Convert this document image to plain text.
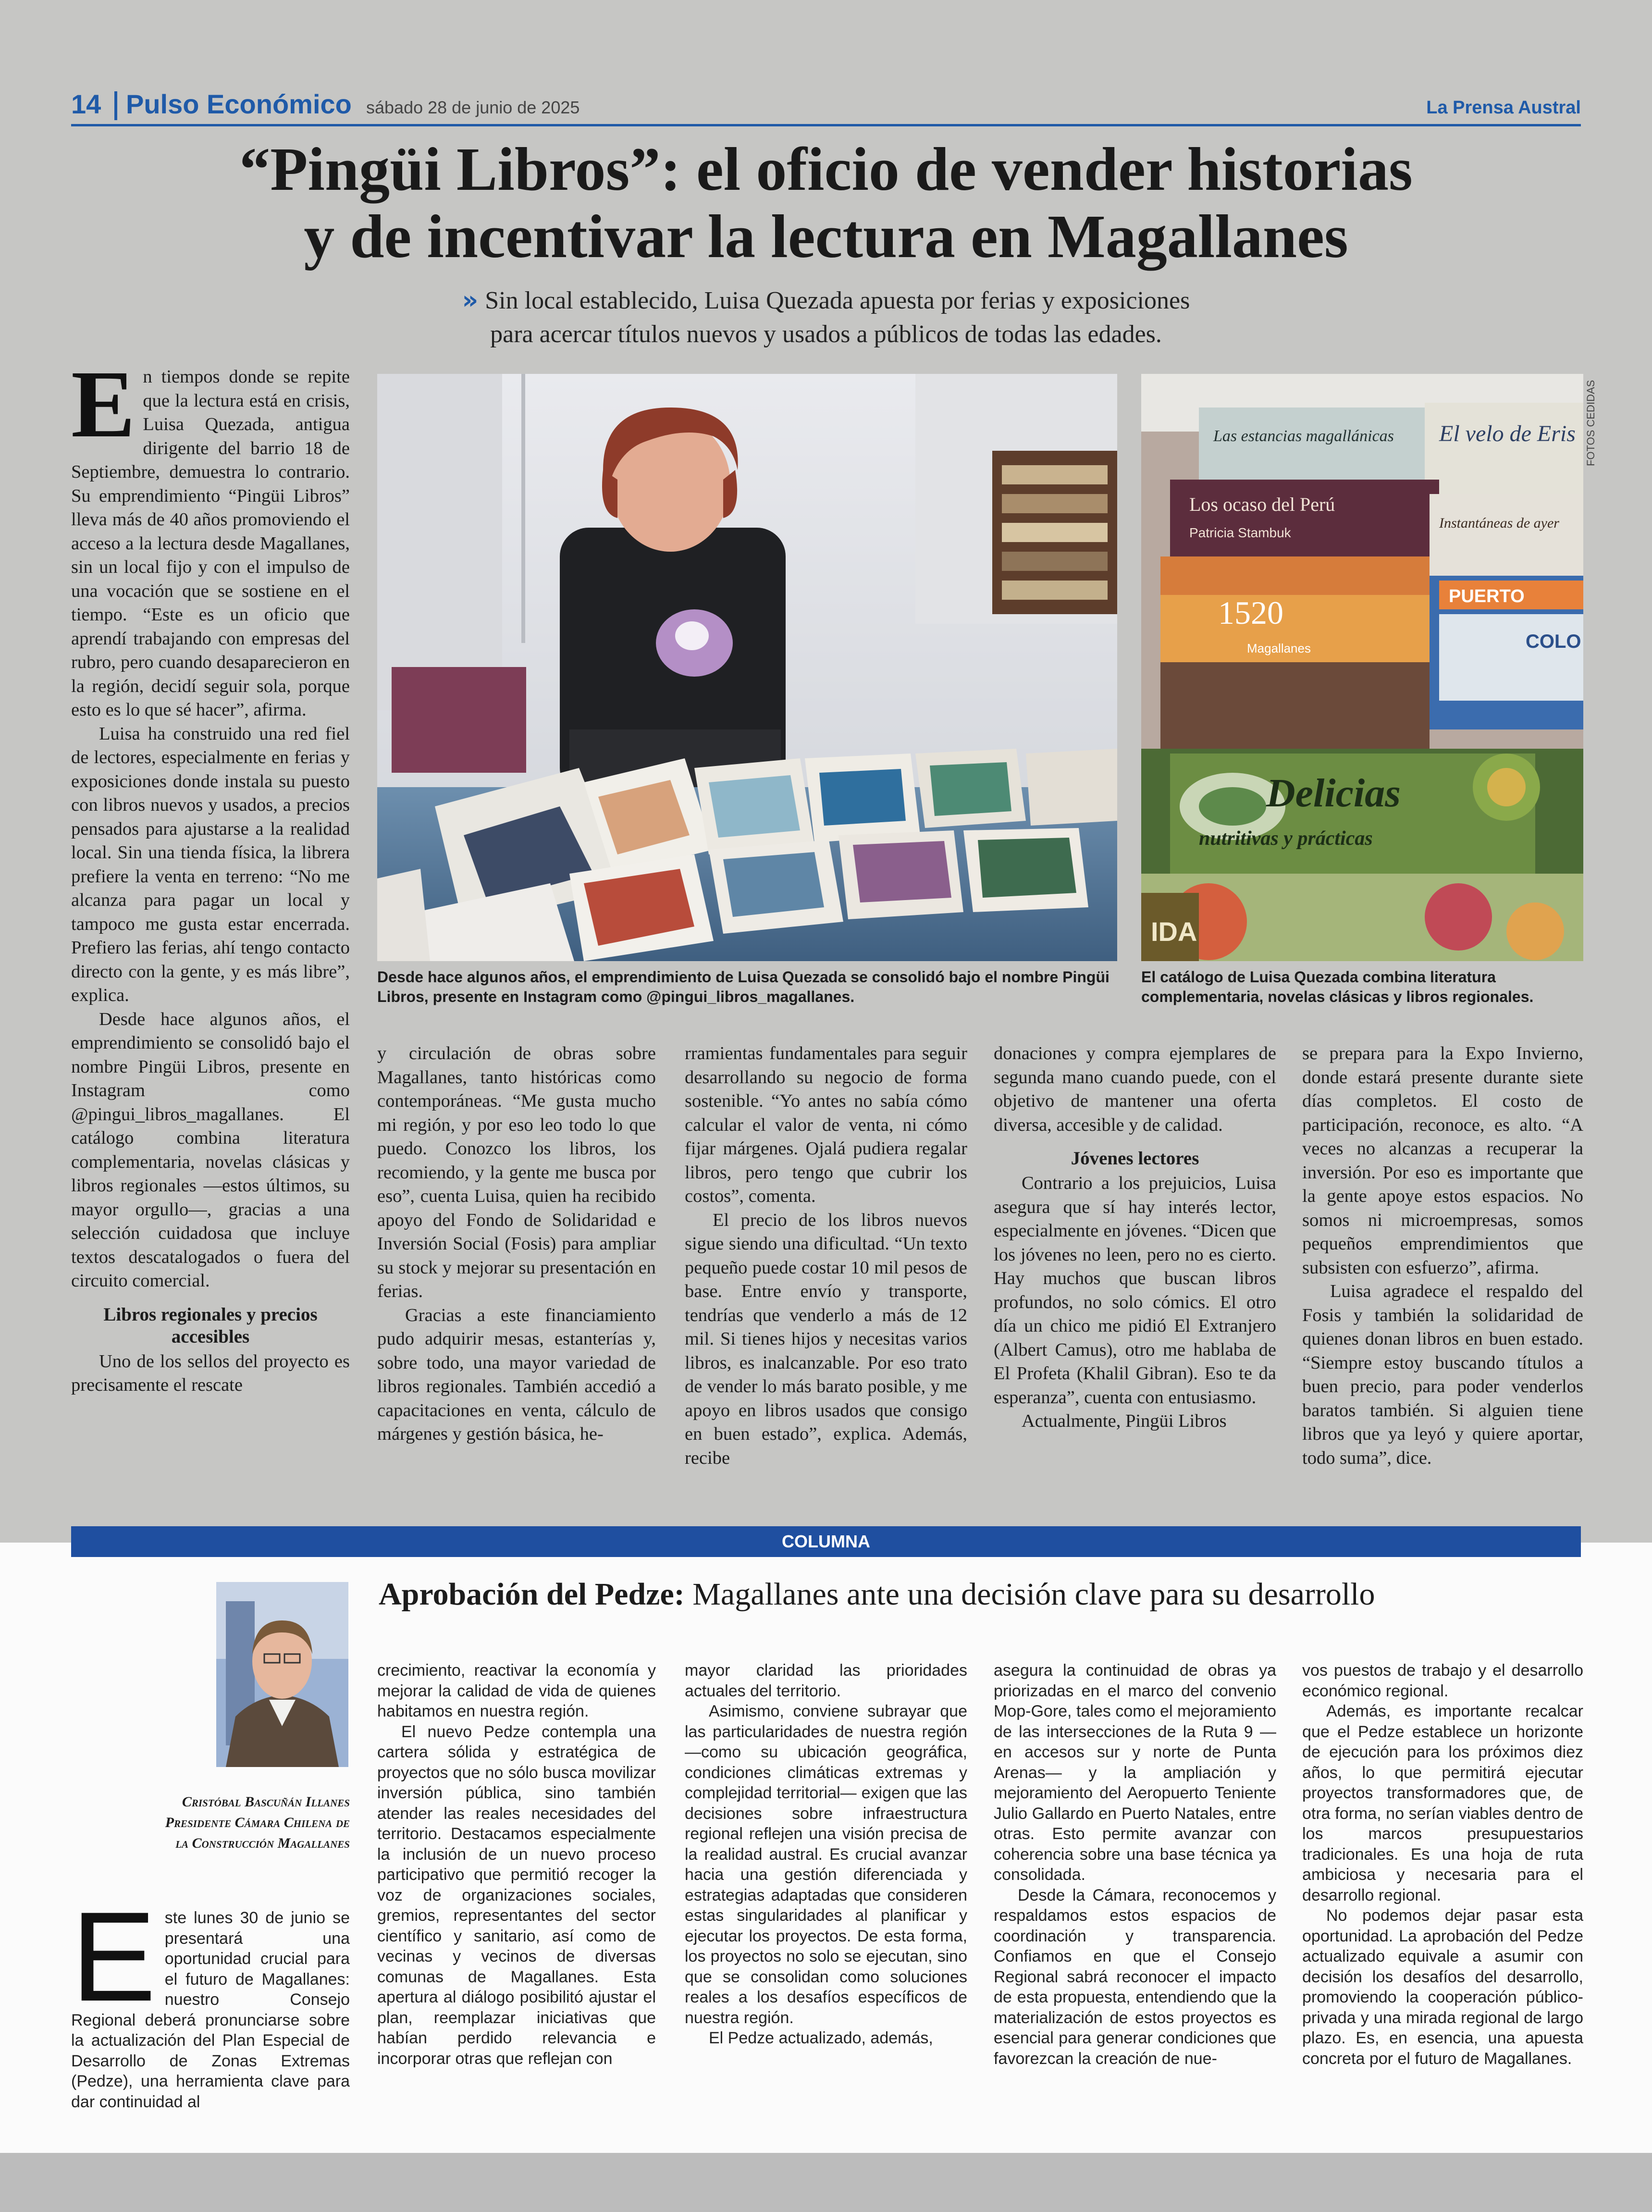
14 Pulso Económico sábado 28 de junio de 2025	La Prensa Austral
“Pingüi Libros”: el oficio de vender historias
y de incentivar la lectura en Magallanes
» Sin local establecido, Luisa Quezada apuesta por ferias y exposiciones
para acercar títulos nuevos y usados a públicos de todas las edades.
E n tiempos donde se repite que la lectura está en crisis, Luisa Quezada, antigua dirigente del barrio 18 de Septiembre, demuestra lo contrario. Su emprendimiento “Pingüi Libros” lleva más de 40 años promoviendo el acceso a la lectura desde Magallanes, sin un local fijo y con el impulso de una vocación que se sostiene en el tiempo. “Este es un oficio que aprendí trabajando con empresas del rubro, pero cuando desaparecieron en la región, decidí seguir sola, porque esto es lo que sé hacer”, afirma.

Luisa ha construido una red fiel de lectores, especialmente en ferias y exposiciones donde instala su puesto con libros nuevos y usados, a precios pensados para ajustarse a la realidad local. Sin una tienda física, la librera prefiere la venta en terreno: “No me alcanza para pagar un local y tampoco me gusta estar encerrada. Prefiero las ferias, ahí tengo contacto directo con la gente, y es más libre”, explica.

Desde hace algunos años, el emprendimiento se consolidó bajo el nombre Pingüi Libros, presente en Instagram como @pingui_libros_magallanes. El catálogo combina literatura complementaria, novelas clásicas y libros regionales —estos últimos, su mayor orgullo—, gracias a una selección cuidadosa que incluye textos descatalogados o fuera del circuito comercial.

Libros regionales y precios accesibles

Uno de los sellos del proyecto es precisamente el rescate

Las estancias magallánicas El velo de Eris
Los ocaso del Perú
Patricia Stambuk
1520
Magallanes
Instantáneas de ayer
PUERTO
COLO
Delicias
nutritivas y prácticas
IDA
FOTOS CEDIDAS
Desde hace algunos años, el emprendimiento de Luisa Quezada se consolidó bajo el nombre Pingüi Libros, presente en Instagram como @pingui_libros_magallanes.
El catálogo de Luisa Quezada combina literatura complementaria, novelas clásicas y libros regionales.

y circulación de obras sobre Magallanes, tanto históricas como contemporáneas. “Me gusta mucho mi región, y por eso leo todo lo que puedo. Conozco los libros, los recomiendo, y la gente me busca por eso”, cuenta Luisa, quien ha recibido apoyo del Fondo de Solidaridad e Inversión Social (Fosis) para ampliar su stock y mejorar su presentación en ferias.

Gracias a este financiamiento pudo adquirir mesas, estanterías y, sobre todo, una mayor variedad de libros regionales. También accedió a capacitaciones en venta, cálculo de márgenes y gestión básica, he-

rramientas fundamentales para seguir desarrollando su negocio de forma sostenible. “Yo antes no sabía cómo calcular el valor de venta, ni cómo fijar márgenes. Ojalá pudiera regalar libros, pero tengo que cubrir los costos”, comenta.

El precio de los libros nuevos sigue siendo una dificultad. “Un texto pequeño puede costar 10 mil pesos de base. Entre envío y transporte, tendrías que venderlo a más de 12 mil. Si tienes hijos y necesitas varios libros, es inalcanzable. Por eso trato de vender lo más barato posible, y me apoyo en libros usados que consigo en buen estado”, explica. Además, recibe

donaciones y compra ejemplares de segunda mano cuando puede, con el objetivo de mantener una oferta diversa, accesible y de calidad.

Jóvenes lectores

Contrario a los prejuicios, Luisa asegura que sí hay interés lector, especialmente en jóvenes. “Dicen que los jóvenes no leen, pero no es cierto. Hay muchos que buscan libros profundos, no solo cómics. El otro día un chico me pidió El Extranjero (Albert Camus), otro me hablaba de El Profeta (Khalil Gibran). Eso te da esperanza”, cuenta con entusiasmo.

Actualmente, Pingüi Libros

se prepara para la Expo Invierno, donde estará presente durante siete días completos. El costo de participación, reconoce, es alto. “A veces no alcanzas a recuperar la inversión. Por eso es importante que la gente apoye estos espacios. No somos ni microempresas, somos pequeños emprendimientos que subsisten con esfuerzo”, afirma.

Luisa agradece el respaldo del Fosis y también la solidaridad de quienes donan libros en buen estado. “Siempre estoy buscando títulos a buen precio, para poder venderlos baratos también. Si alguien tiene libros que ya leyó y quiere aportar, todo suma”, dice.

COLUMNA
Aprobación del Pedze: Magallanes ante una decisión clave para su desarrollo
Cristóbal Bascuñán Illanes
Presidente Cámara Chilena de
la Construcción Magallanes
E ste lunes 30 de junio se presentará una oportunidad crucial para el futuro de Magallanes: nuestro Consejo Regional deberá pronunciarse sobre la actualización del Plan Especial de Desarrollo de Zonas Extremas (Pedze), una herramienta clave para dar continuidad al

crecimiento, reactivar la economía y mejorar la calidad de vida de quienes habitamos en nuestra región.

El nuevo Pedze contempla una cartera sólida y estratégica de proyectos que no sólo busca movilizar inversión pública, sino también atender las reales necesidades del territorio. Destacamos especialmente la inclusión de un nuevo proceso participativo que permitió recoger la voz de organizaciones sociales, gremios, representantes del sector científico y sanitario, así como de vecinas y vecinos de diversas comunas de Magallanes. Esta apertura al diálogo posibilitó ajustar el plan, reemplazar iniciativas que habían perdido relevancia e incorporar otras que reflejan con

mayor claridad las prioridades actuales del territorio.

Asimismo, conviene subrayar que las particularidades de nuestra región —como su ubicación geográfica, condiciones climáticas extremas y complejidad territorial— exigen que las decisiones sobre infraestructura regional reflejen una visión precisa de la realidad austral. Es crucial avanzar hacia una gestión diferenciada y estrategias adaptadas que consideren estas singularidades al planificar y ejecutar los proyectos. De esta forma, los proyectos no solo se ejecutan, sino que se consolidan como soluciones reales a los desafíos específicos de nuestra región.

El Pedze actualizado, además,

asegura la continuidad de obras ya priorizadas en el marco del convenio Mop-Gore, tales como el mejoramiento de las intersecciones de la Ruta 9 —en accesos sur y norte de Punta Arenas— y la ampliación y mejoramiento del Aeropuerto Teniente Julio Gallardo en Puerto Natales, entre otras. Esto permite avanzar con coherencia sobre una base técnica ya consolidada.

Desde la Cámara, reconocemos y respaldamos estos espacios de coordinación y transparencia. Confiamos en que el Consejo Regional sabrá reconocer el impacto de esta propuesta, entendiendo que la materialización de estos proyectos es esencial para generar condiciones que favorezcan la creación de nue-

vos puestos de trabajo y el desarrollo económico regional.

Además, es importante recalcar que el Pedze establece un horizonte de ejecución para los próximos diez años, lo que permitirá ejecutar proyectos transformadores que, de otra forma, no serían viables dentro de los marcos presupuestarios tradicionales. Es una hoja de ruta ambiciosa y necesaria para el desarrollo regional.

No podemos dejar pasar esta oportunidad. La aprobación del Pedze actualizado equivale a asumir con decisión los desafíos del desarrollo, promoviendo la cooperación público-privada y una mirada regional de largo plazo. Es, en esencia, una apuesta concreta por el futuro de Magallanes.
